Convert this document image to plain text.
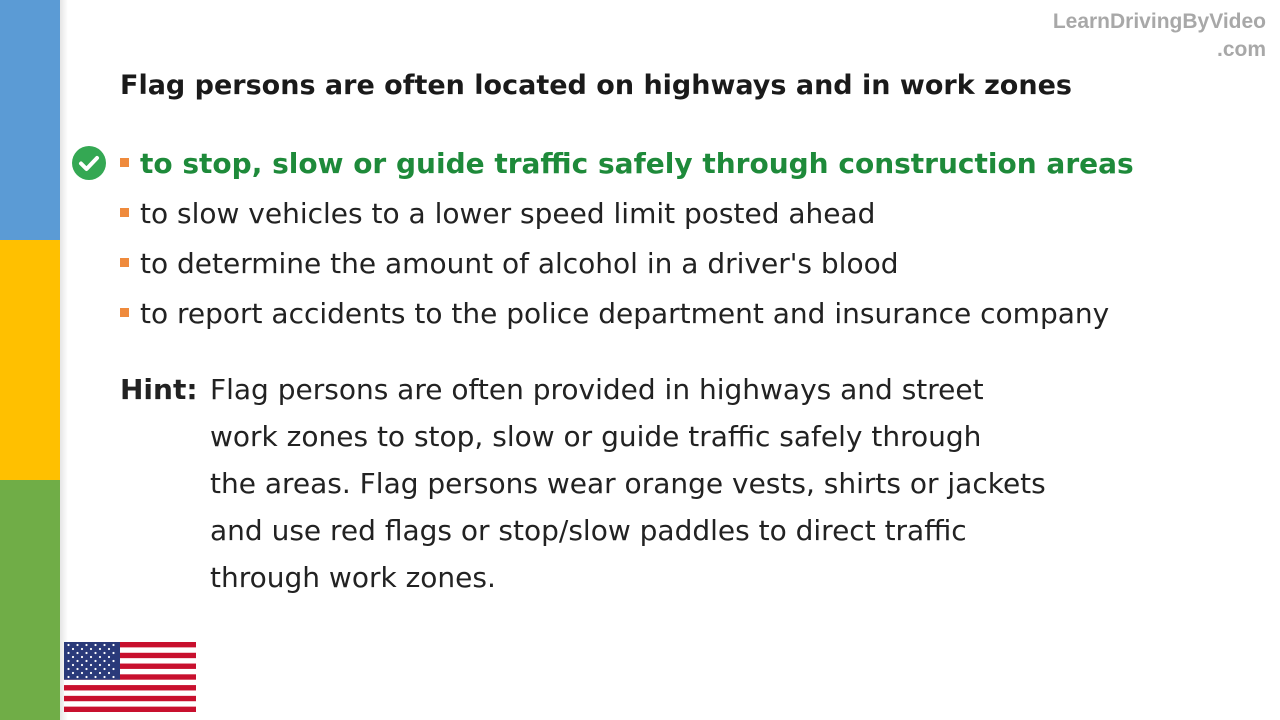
LearnDrivingByVideo
.com
Flag persons are often located on highways and in work zones
to stop, slow or guide traffic safely through construction areas
to slow vehicles to a lower speed limit posted ahead
to determine the amount of alcohol in a driver's blood
to report accidents to the police department and insurance company
Hint: Flag persons are often provided in highways and street
work zones to stop, slow or guide traffic safely through
the areas. Flag persons wear orange vests, shirts or jackets
and use red flags or stop/slow paddles to direct traffic
through work zones.
